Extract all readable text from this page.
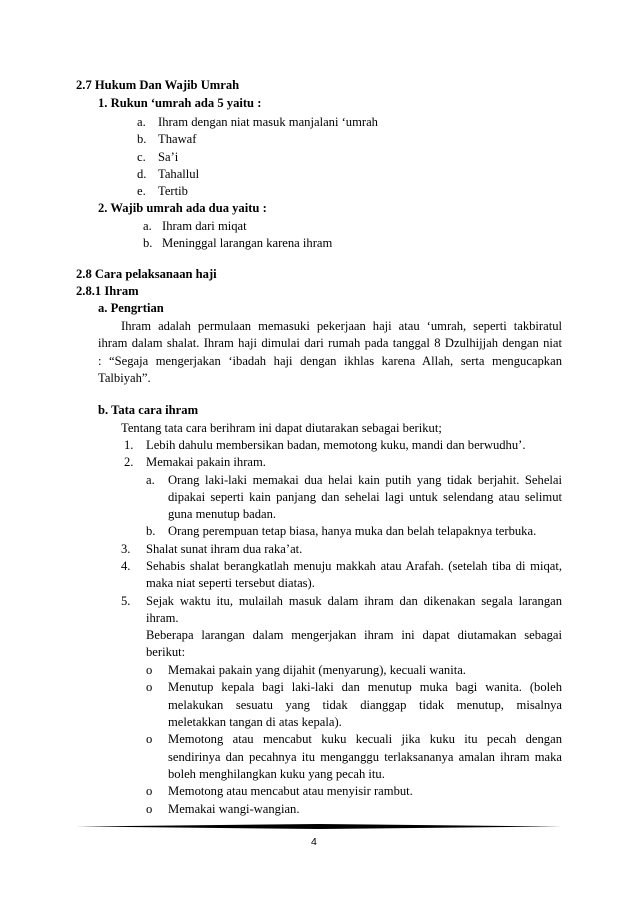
2.7 Hukum Dan Wajib Umrah
1. Rukun ‘umrah ada 5 yaitu :
a. Ihram dengan niat masuk manjalani ‘umrah
b. Thawaf
c. Sa’i
d. Tahallul
e. Tertib
2. Wajib umrah ada dua yaitu :
a. Ihram dari miqat
b. Meninggal larangan karena ihram
2.8 Cara pelaksanaan haji
2.8.1 Ihram
a. Pengrtian
Ihram adalah permulaan memasuki pekerjaan haji atau ‘umrah, seperti takbiratul
ihram dalam shalat. Ihram haji dimulai dari rumah pada tanggal 8 Dzulhijjah dengan niat
: “Segaja mengerjakan ‘ibadah haji dengan ikhlas karena Allah, serta mengucapkan
Talbiyah”.
b. Tata cara ihram
Tentang tata cara berihram ini dapat diutarakan sebagai berikut;
1. Lebih dahulu membersikan badan, memotong kuku, mandi dan berwudhu’.
2. Memakai pakain ihram.
a. Orang laki-laki memakai dua helai kain putih yang tidak berjahit. Sehelai
dipakai seperti kain panjang dan sehelai lagi untuk selendang atau selimut
guna menutup badan.
b. Orang perempuan tetap biasa, hanya muka dan belah telapaknya terbuka.
3. Shalat sunat ihram dua raka’at.
4. Sehabis shalat berangkatlah menuju makkah atau Arafah. (setelah tiba di miqat,
maka niat seperti tersebut diatas).
5. Sejak waktu itu, mulailah masuk dalam ihram dan dikenakan segala larangan
ihram.
Beberapa larangan dalam mengerjakan ihram ini dapat diutamakan sebagai
berikut:
o Memakai pakain yang dijahit (menyarung), kecuali wanita.
o Menutup kepala bagi laki-laki dan menutup muka bagi wanita. (boleh
melakukan sesuatu yang tidak dianggap tidak menutup, misalnya
meletakkan tangan di atas kepala).
o Memotong atau mencabut kuku kecuali jika kuku itu pecah dengan
sendirinya dan pecahnya itu menganggu terlaksananya amalan ihram maka
boleh menghilangkan kuku yang pecah itu.
o Memotong atau mencabut atau menyisir rambut.
o Memakai wangi-wangian.
4
